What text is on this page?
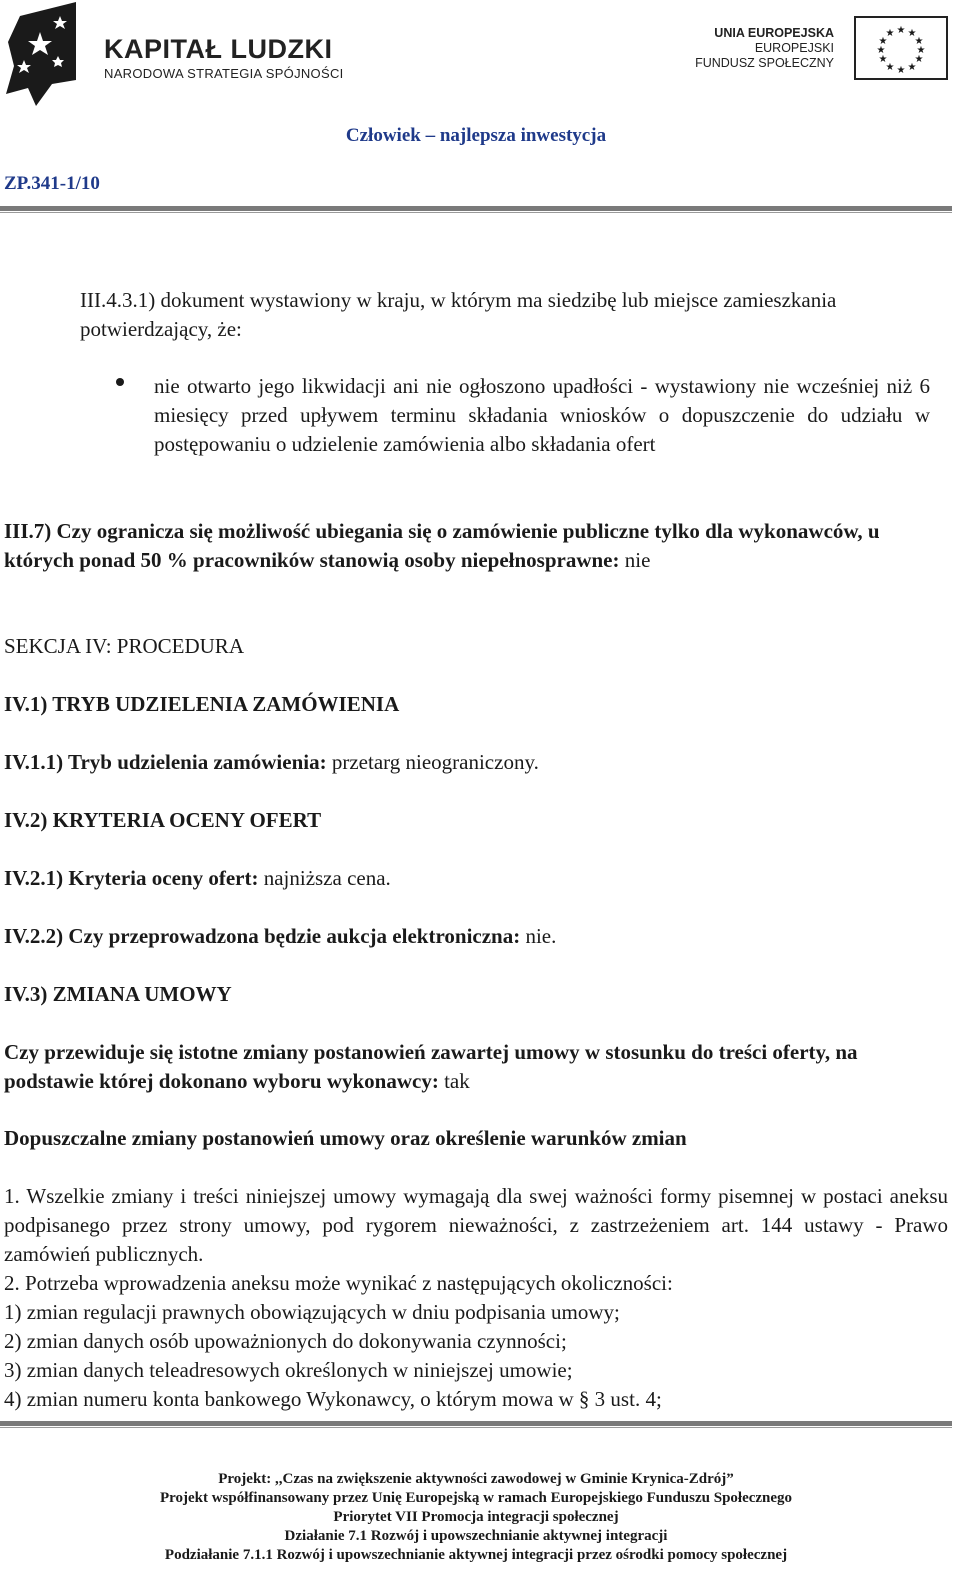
KAPITAŁ LUDZKI
NARODOWA STRATEGIA SPÓJNOŚCI
UNIA EUROPEJSKA
EUROPEJSKI
FUNDUSZ SPOŁECZNY
★ ★
★
★
★
★
★
★
★
★
★
★
Człowiek – najlepsza inwestycja
ZP.341-1/10
III.4.3.1) dokument wystawiony w kraju, w którym ma siedzibę lub miejsce zamieszkania potwierdzający, że:
nie otwarto jego likwidacji ani nie ogłoszono upadłości - wystawiony nie wcześniej niż 6 miesięcy przed upływem terminu składania wniosków o dopuszczenie do udziału w postępowaniu o udzielenie zamówienia albo składania ofert
III.7) Czy ogranicza się możliwość ubiegania się o zamówienie publiczne tylko dla wykonawców, u których ponad 50 % pracowników stanowią osoby niepełnosprawne: nie
SEKCJA IV: PROCEDURA
IV.1) TRYB UDZIELENIA ZAMÓWIENIA
IV.1.1) Tryb udzielenia zamówienia: przetarg nieograniczony.
IV.2) KRYTERIA OCENY OFERT
IV.2.1) Kryteria oceny ofert: najniższa cena.
IV.2.2) Czy przeprowadzona będzie aukcja elektroniczna: nie.
IV.3) ZMIANA UMOWY
Czy przewiduje się istotne zmiany postanowień zawartej umowy w stosunku do treści oferty, na podstawie której dokonano wyboru wykonawcy: tak
Dopuszczalne zmiany postanowień umowy oraz określenie warunków zmian
1. Wszelkie zmiany i treści niniejszej umowy wymagają dla swej ważności formy pisemnej w postaci aneksu podpisanego przez strony umowy, pod rygorem nieważności, z zastrzeżeniem art. 144 ustawy - Prawo zamówień publicznych.
2. Potrzeba wprowadzenia aneksu może wynikać z następujących okoliczności:
1) zmian regulacji prawnych obowiązujących w dniu podpisania umowy;
2) zmian danych osób upoważnionych do dokonywania czynności;
3) zmian danych teleadresowych określonych w niniejszej umowie;
4) zmian numeru konta bankowego Wykonawcy, o którym mowa w § 3 ust. 4;
Projekt: ,,Czas na zwiększenie aktywności zawodowej w Gminie Krynica-Zdrój”
Projekt współfinansowany przez Unię Europejską w ramach Europejskiego Funduszu Społecznego
Priorytet VII Promocja integracji społecznej
Działanie 7.1 Rozwój i upowszechnianie aktywnej integracji
Podziałanie 7.1.1 Rozwój i upowszechnianie aktywnej integracji przez ośrodki pomocy społecznej
